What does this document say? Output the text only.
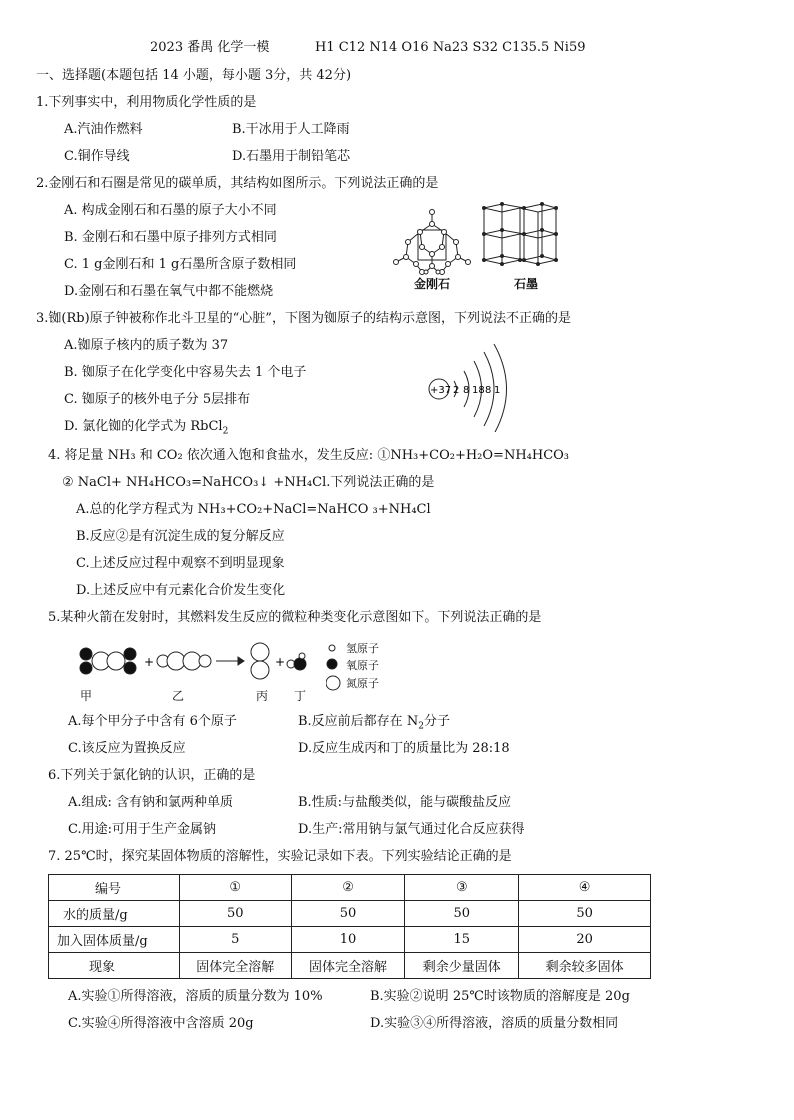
2023 番禺 化学一模	H1 C12 N14 O16 Na23 S32 C135.5 Ni59
一、选择题(本题包括 14 小题，每小题 3分，共 42分)
1.下列事实中，利用物质化学性质的是
A.汽油作燃料	B.干冰用于人工降雨
C.铜作导线	D.石墨用于制铅笔芯
2.金刚石和石圈是常见的碳单质，其结构如图所示。下列说法正确的是
A. 构成金刚石和石墨的原子大小不同
B. 金刚石和石墨中原子排列方式相同
C. 1 g金刚石和 1 g石墨所含原子数相同
D.金刚石和石墨在氧气中都不能燃烧	金刚石	石墨
3.铷(Rb)原子钟被称作北斗卫星的“心脏”，下图为铷原子的结构示意图，下列说法不正确的是
A.铷原子核内的质子数为 37
B. 铷原子在化学变化中容易失去 1 个电子
C. 铷原子的核外电子分 5层排布
D. 氯化铷的化学式为 RbCl$_2$
+37 2 8 18 8 1
4. 将足量 NH₃ 和 CO₂ 依次通入饱和食盐水，发生反应: ①NH₃+CO₂+H₂O=NH₄HCO₃
② NaCl+ NH₄HCO₃=NaHCO₃↓ +NH₄Cl.下列说法正确的是
A.总的化学方程式为 NH₃+CO₂+NaCl=NaHCO ₃+NH₄Cl
B.反应②是有沉淀生成的复分解反应
C.上述反应过程中观察不到明显现象
D.上述反应中有元素化合价发生变化
5.某种火箭在发射时，其燃料发生反应的微粒种类变化示意图如下。下列说法正确的是
+	+
甲	乙	丙 丁
氢原子
氧原子
氮原子
A.每个甲分子中含有 6个原子	B.反应前后都存在 $N_2$分子
C.该反应为置换反应	D.反应生成丙和丁的质量比为 28:18
6.下列关于氯化钠的认识，正确的是
A.组成: 含有钠和氯两种单质	B.性质:与盐酸类似，能与碳酸盐反应
C.用途:可用于生产金属钠	D.生产:常用钠与氯气通过化合反应获得
7. 25℃时，探究某固体物质的溶解性，实验记录如下表。下列实验结论正确的是
编号	①	②	③	④
水的质量/g	50	50	50	50
加入固体质量/g	5	10	15	20
现象	固体完全溶解	固体完全溶解	剩余少量固体	剩余较多固体
A.实验①所得溶液，溶质的质量分数为 10%	B.实验②说明 25℃时该物质的溶解度是 20g
C.实验④所得溶液中含溶质 20g	D.实验③④所得溶液，溶质的质量分数相同
